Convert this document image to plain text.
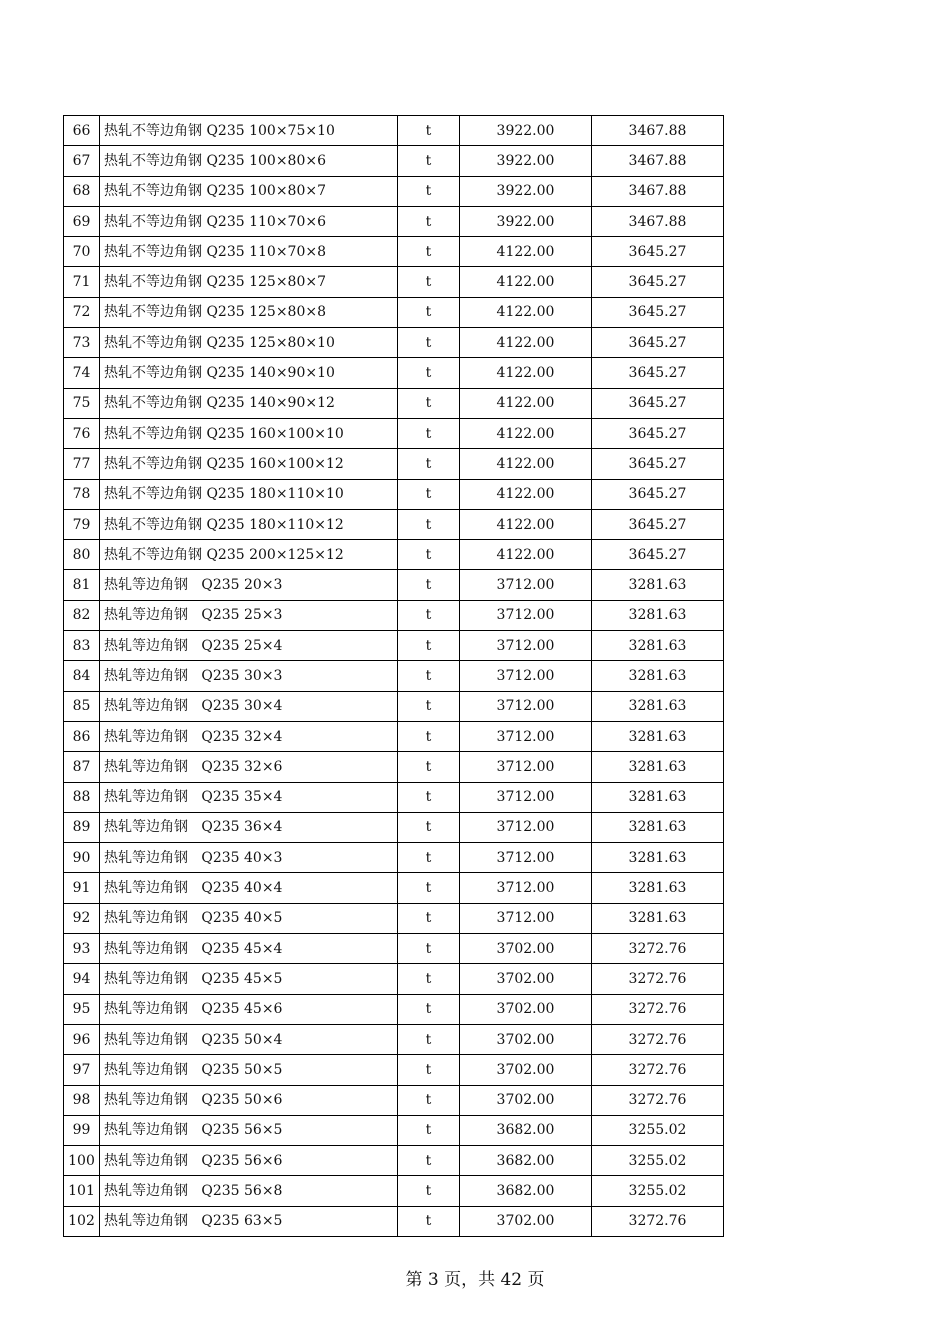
66	热轧不等边角钢 Q235 100×75×10	t	3922.00	3467.88
67	热轧不等边角钢 Q235 100×80×6	t	3922.00	3467.88
68	热轧不等边角钢 Q235 100×80×7	t	3922.00	3467.88
69	热轧不等边角钢 Q235 110×70×6	t	3922.00	3467.88
70	热轧不等边角钢 Q235 110×70×8	t	4122.00	3645.27
71	热轧不等边角钢 Q235 125×80×7	t	4122.00	3645.27
72	热轧不等边角钢 Q235 125×80×8	t	4122.00	3645.27
73	热轧不等边角钢 Q235 125×80×10	t	4122.00	3645.27
74	热轧不等边角钢 Q235 140×90×10	t	4122.00	3645.27
75	热轧不等边角钢 Q235 140×90×12	t	4122.00	3645.27
76	热轧不等边角钢 Q235 160×100×10	t	4122.00	3645.27
77	热轧不等边角钢 Q235 160×100×12	t	4122.00	3645.27
78	热轧不等边角钢 Q235 180×110×10	t	4122.00	3645.27
79	热轧不等边角钢 Q235 180×110×12	t	4122.00	3645.27
80	热轧不等边角钢 Q235 200×125×12	t	4122.00	3645.27
81	热轧等边角钢   Q235 20×3	t	3712.00	3281.63
82	热轧等边角钢   Q235 25×3	t	3712.00	3281.63
83	热轧等边角钢   Q235 25×4	t	3712.00	3281.63
84	热轧等边角钢   Q235 30×3	t	3712.00	3281.63
85	热轧等边角钢   Q235 30×4	t	3712.00	3281.63
86	热轧等边角钢   Q235 32×4	t	3712.00	3281.63
87	热轧等边角钢   Q235 32×6	t	3712.00	3281.63
88	热轧等边角钢   Q235 35×4	t	3712.00	3281.63
89	热轧等边角钢   Q235 36×4	t	3712.00	3281.63
90	热轧等边角钢   Q235 40×3	t	3712.00	3281.63
91	热轧等边角钢   Q235 40×4	t	3712.00	3281.63
92	热轧等边角钢   Q235 40×5	t	3712.00	3281.63
93	热轧等边角钢   Q235 45×4	t	3702.00	3272.76
94	热轧等边角钢   Q235 45×5	t	3702.00	3272.76
95	热轧等边角钢   Q235 45×6	t	3702.00	3272.76
96	热轧等边角钢   Q235 50×4	t	3702.00	3272.76
97	热轧等边角钢   Q235 50×5	t	3702.00	3272.76
98	热轧等边角钢   Q235 50×6	t	3702.00	3272.76
99	热轧等边角钢   Q235 56×5	t	3682.00	3255.02
100	热轧等边角钢   Q235 56×6	t	3682.00	3255.02
101	热轧等边角钢   Q235 56×8	t	3682.00	3255.02
102	热轧等边角钢   Q235 63×5	t	3702.00	3272.76
第 3 页，共 42 页
